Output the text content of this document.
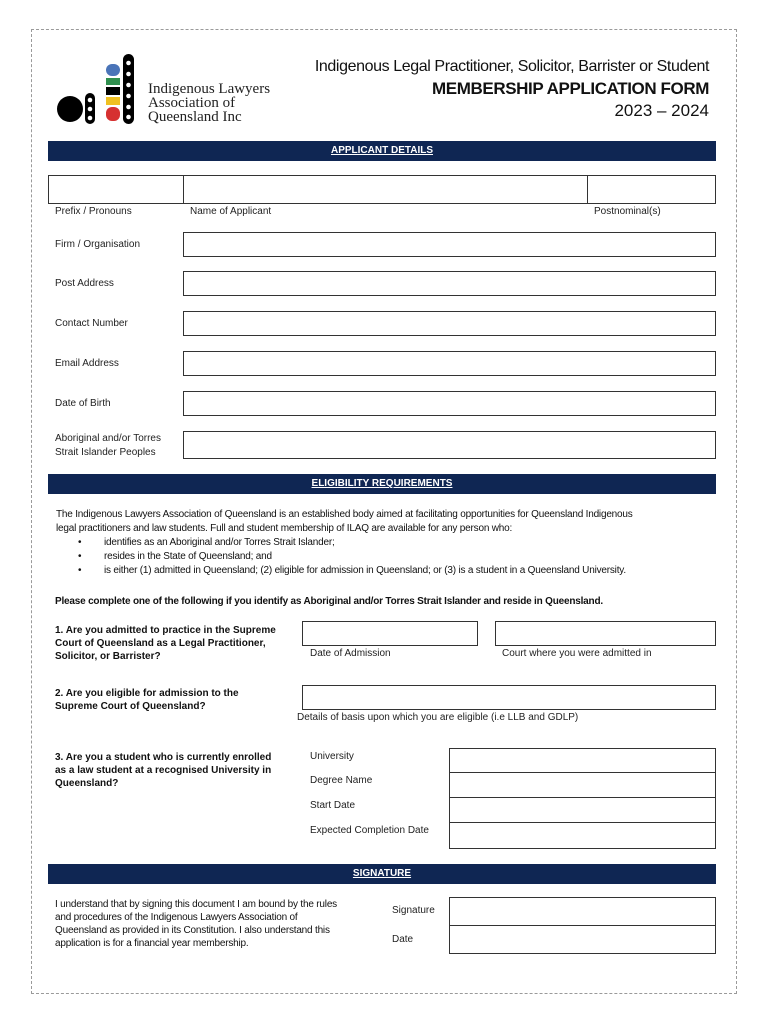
Indigenous Lawyers
Association of
Queensland Inc
Indigenous Legal Practitioner, Solicitor, Barrister or Student
MEMBERSHIP APPLICATION FORM
2023 – 2024
APPLICANT DETAILS
Prefix / Pronouns	Name of Applicant	Postnominal(s)
Firm / Organisation
Post Address
Contact Number
Email Address
Date of Birth
Aboriginal and/or Torres
Strait Islander Peoples
ELIGIBILITY REQUIREMENTS
The Indigenous Lawyers Association of Queensland is an established body aimed at facilitating opportunities for Queensland Indigenous
legal practitioners and law students. Full and student membership of ILAQ are available for any person who:
• identifies as an Aboriginal and/or Torres Strait Islander;
• resides in the State of Queensland; and
• is either (1) admitted in Queensland; (2) eligible for admission in Queensland; or (3) is a student in a Queensland University.
Please complete one of the following if you identify as Aboriginal and/or Torres Strait Islander and reside in Queensland.
1. Are you admitted to practice in the Supreme
Court of Queensland as a Legal Practitioner,
Solicitor, or Barrister?	Date of Admission	Court where you were admitted in
2. Are you eligible for admission to the
Supreme Court of Queensland?
Details of basis upon which you are eligible (i.e LLB and GDLP)
3. Are you a student who is currently enrolled
as a law student at a recognised University in
Queensland?
University
Degree Name
Start Date
Expected Completion Date
SIGNATURE
I understand that by signing this document I am bound by the rules
and procedures of the Indigenous Lawyers Association of
Queensland as provided in its Constitution. I also understand this
application is for a financial year membership.
Signature
Date
